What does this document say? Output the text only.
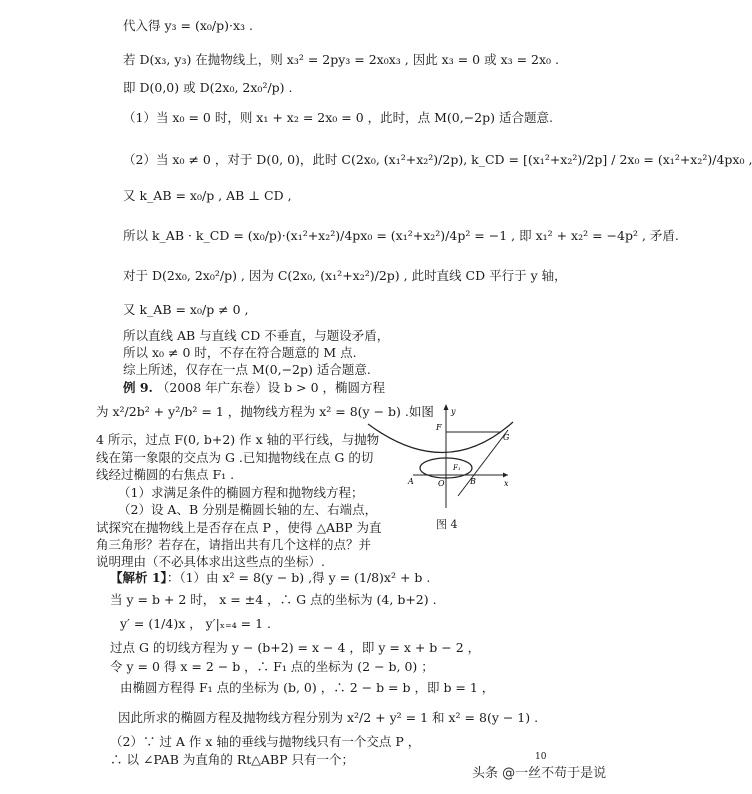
代入得 y₃ = (x₀/p)·x₃ .
若 D(x₃, y₃) 在抛物线上，则 x₃² = 2py₃ = 2x₀x₃ , 因此 x₃ = 0 或 x₃ = 2x₀ .
即 D(0,0) 或 D(2x₀, 2x₀²/p) .
（1）当 x₀ = 0 时，则 x₁ + x₂ = 2x₀ = 0 ，此时，点 M(0,−2p) 适合题意.
（2）当 x₀ ≠ 0 ，对于 D(0, 0)，此时 C(2x₀, (x₁²+x₂²)/2p), k_CD = [(x₁²+x₂²)/2p] / 2x₀ = (x₁²+x₂²)/4px₀ ,
又 k_AB = x₀/p , AB ⊥ CD ,
所以 k_AB · k_CD = (x₀/p)·(x₁²+x₂²)/4px₀ = (x₁²+x₂²)/4p² = −1 , 即 x₁² + x₂² = −4p² , 矛盾.
对于 D(2x₀, 2x₀²/p) , 因为 C(2x₀, (x₁²+x₂²)/2p) , 此时直线 CD 平行于 y 轴，
又 k_AB = x₀/p ≠ 0 ,
所以直线 AB 与直线 CD 不垂直，与题设矛盾，
所以 x₀ ≠ 0 时，不存在符合题意的 M 点.
综上所述，仅存在一点 M(0,−2p) 适合题意.
例 9. （2008 年广东卷）设 b > 0 ，椭圆方程
为 x²/2b² + y²/b² = 1 ，抛物线方程为 x² = 8(y − b) .如图
4 所示，过点 F(0, b+2) 作 x 轴的平行线，与抛物
线在第一象限的交点为 G .已知抛物线在点 G 的切
线经过椭圆的右焦点 F₁ .
（1）求满足条件的椭圆方程和抛物线方程；
（2）设 A、B 分别是椭圆长轴的左、右端点，
试探究在抛物线上是否存在点 P ，使得 △ABP 为直
角三角形？若存在，请指出共有几个这样的点？并
说明理由（不必具体求出这些点的坐标）.
y
F
G
A	O
F₁
B	x
图 4
【解析 1】：（1）由 x² = 8(y − b) ,得 y = (1/8)x² + b .
当 y = b + 2 时， x = ±4 ，∴ G 点的坐标为 (4, b+2) .
y′ = (1/4)x ， y′|ₓ₌₄ = 1 .
过点 G 的切线方程为 y − (b+2) = x − 4 ，即 y = x + b − 2 ，
令 y = 0 得 x = 2 − b ，∴ F₁ 点的坐标为 (2 − b, 0) ；
由椭圆方程得 F₁ 点的坐标为 (b, 0) ，∴ 2 − b = b ，即 b = 1 ，
因此所求的椭圆方程及抛物线方程分别为 x²/2 + y² = 1 和 x² = 8(y − 1) .
（2）∵ 过 A 作 x 轴的垂线与抛物线只有一个交点 P ，
∴ 以 ∠PAB 为直角的 Rt△ABP 只有一个；	10
头条 @一丝不苟于是说
